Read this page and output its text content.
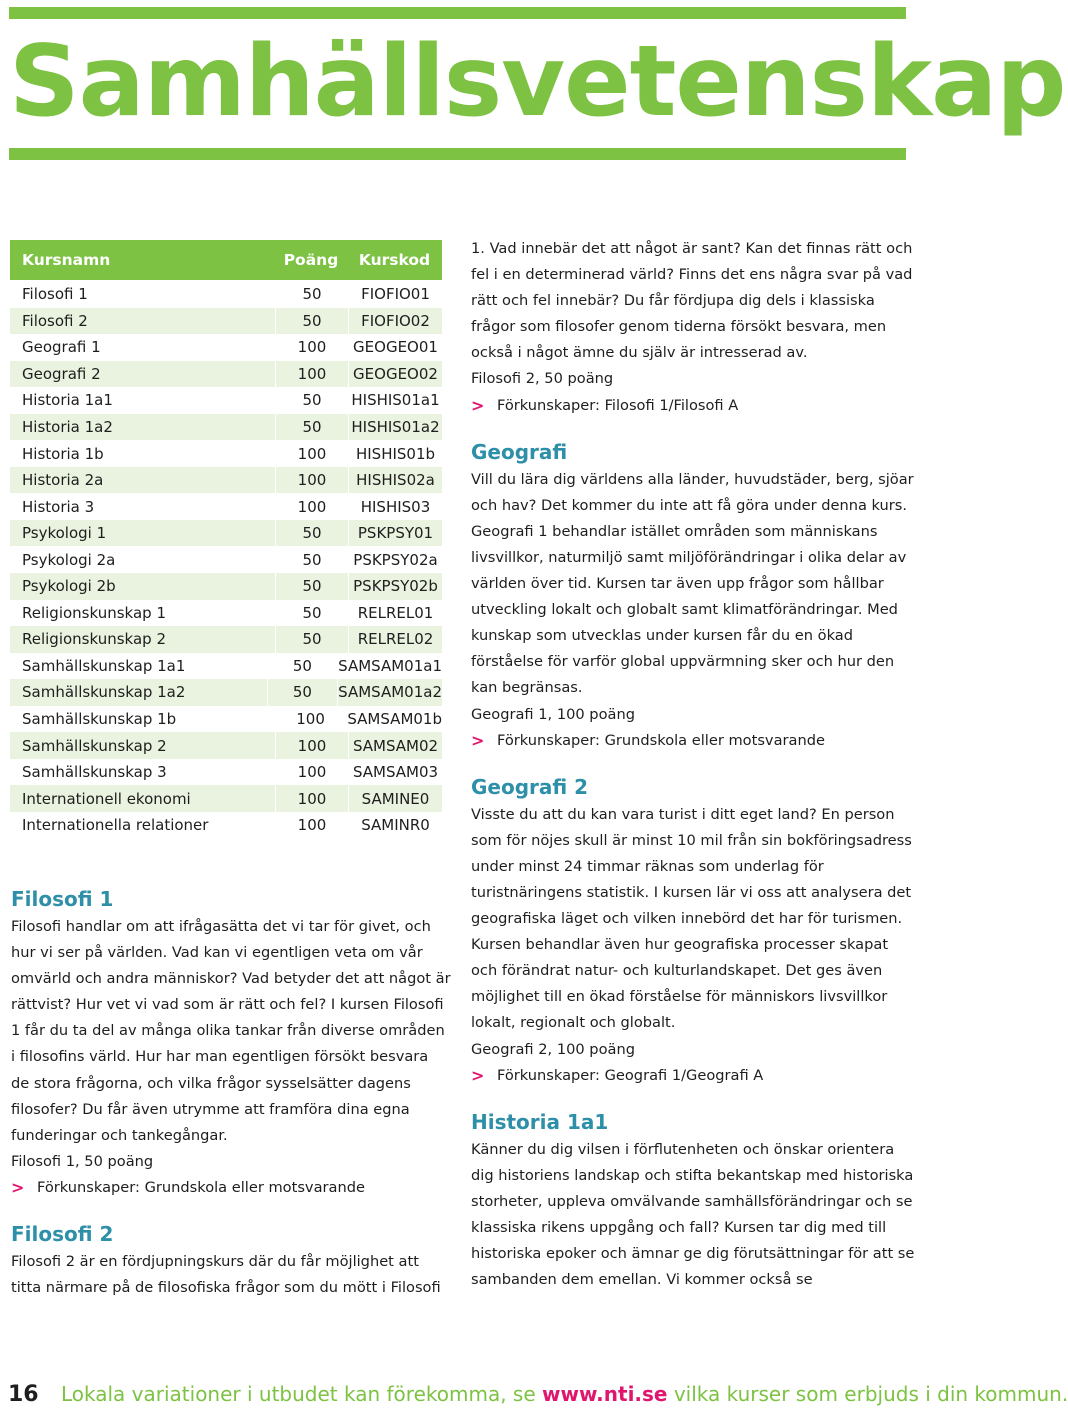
Samhällsvetenskap
Kursnamn	Poäng	Kurskod
Filosofi 1	50	FIOFIO01
Filosofi 2	50	FIOFIO02
Geografi 1	100	GEOGEO01
Geografi 2	100	GEOGEO02
Historia 1a1	50	HISHIS01a1
Historia 1a2	50	HISHIS01a2
Historia 1b	100	HISHIS01b
Historia 2a	100	HISHIS02a
Historia 3	100	HISHIS03
Psykologi 1	50	PSKPSY01
Psykologi 2a	50	PSKPSY02a
Psykologi 2b	50	PSKPSY02b
Religionskunskap 1	50	RELREL01
Religionskunskap 2	50	RELREL02
Samhällskunskap 1a1	50	SAMSAM01a1
Samhällskunskap 1a2	50	SAMSAM01a2
Samhällskunskap 1b	100	SAMSAM01b
Samhällskunskap 2	100	SAMSAM02
Samhällskunskap 3	100	SAMSAM03
Internationell ekonomi	100	SAMINE0
Internationella relationer	100	SAMINR0
Filosofi 1

Filosofi handlar om att ifrågasätta det vi tar för givet, och hur vi ser på världen. Vad kan vi egentligen veta om vår omvärld och andra människor? Vad betyder det att något är rättvist? Hur vet vi vad som är rätt och fel? I kursen Filosofi 1 får du ta del av många olika tankar från diverse områden i filosofins värld. Hur har man egentligen försökt besvara de stora frågorna, och vilka frågor sysselsätter dagens filosofer? Du får även utrymme att framföra dina egna funderingar och tankegångar.

Filosofi 1, 50 poäng
> Förkunskaper: Grundskola eller motsvarande
Filosofi 2

Filosofi 2 är en fördjupningskurs där du får möjlighet att titta närmare på de filosofiska frågor som du mött i Filosofi

1. Vad innebär det att något är sant? Kan det finnas rätt och fel i en determinerad värld? Finns det ens några svar på vad rätt och fel innebär? Du får fördjupa dig dels i klassiska frågor som filosofer genom tiderna försökt besvara, men också i något ämne du själv är intresserad av.

Filosofi 2, 50 poäng
> Förkunskaper: Filosofi 1/Filosofi A
Geografi

Vill du lära dig världens alla länder, huvudstäder, berg, sjöar och hav? Det kommer du inte att få göra under denna kurs. Geografi 1 behandlar istället områden som människans livsvillkor, naturmiljö samt miljöförändringar i olika delar av världen över tid. Kursen tar även upp frågor som hållbar utveckling lokalt och globalt samt klimatförändringar. Med kunskap som utvecklas under kursen får du en ökad förståelse för varför global uppvärmning sker och hur den kan begränsas.

Geografi 1, 100 poäng
> Förkunskaper: Grundskola eller motsvarande
Geografi 2

Visste du att du kan vara turist i ditt eget land? En person som för nöjes skull är minst 10 mil från sin bokföringsadress under minst 24 timmar räknas som underlag för turistnäringens statistik. I kursen lär vi oss att analysera det geografiska läget och vilken innebörd det har för turismen. Kursen behandlar även hur geografiska processer skapat och förändrat natur- och kulturlandskapet. Det ges även möjlighet till en ökad förståelse för människors livsvillkor lokalt, regionalt och globalt.

Geografi 2, 100 poäng
> Förkunskaper: Geografi 1/Geografi A
Historia 1a1

Känner du dig vilsen i förflutenheten och önskar orientera dig historiens landskap och stifta bekantskap med historiska storheter, uppleva omvälvande samhällsförändringar och se klassiska rikens uppgång och fall? Kursen tar dig med till historiska epoker och ämnar ge dig förutsättningar för att se sambanden dem emellan. Vi kommer också se

16 Lokala variationer i utbudet kan förekomma, se www.nti.se vilka kurser som erbjuds i din kommun.
